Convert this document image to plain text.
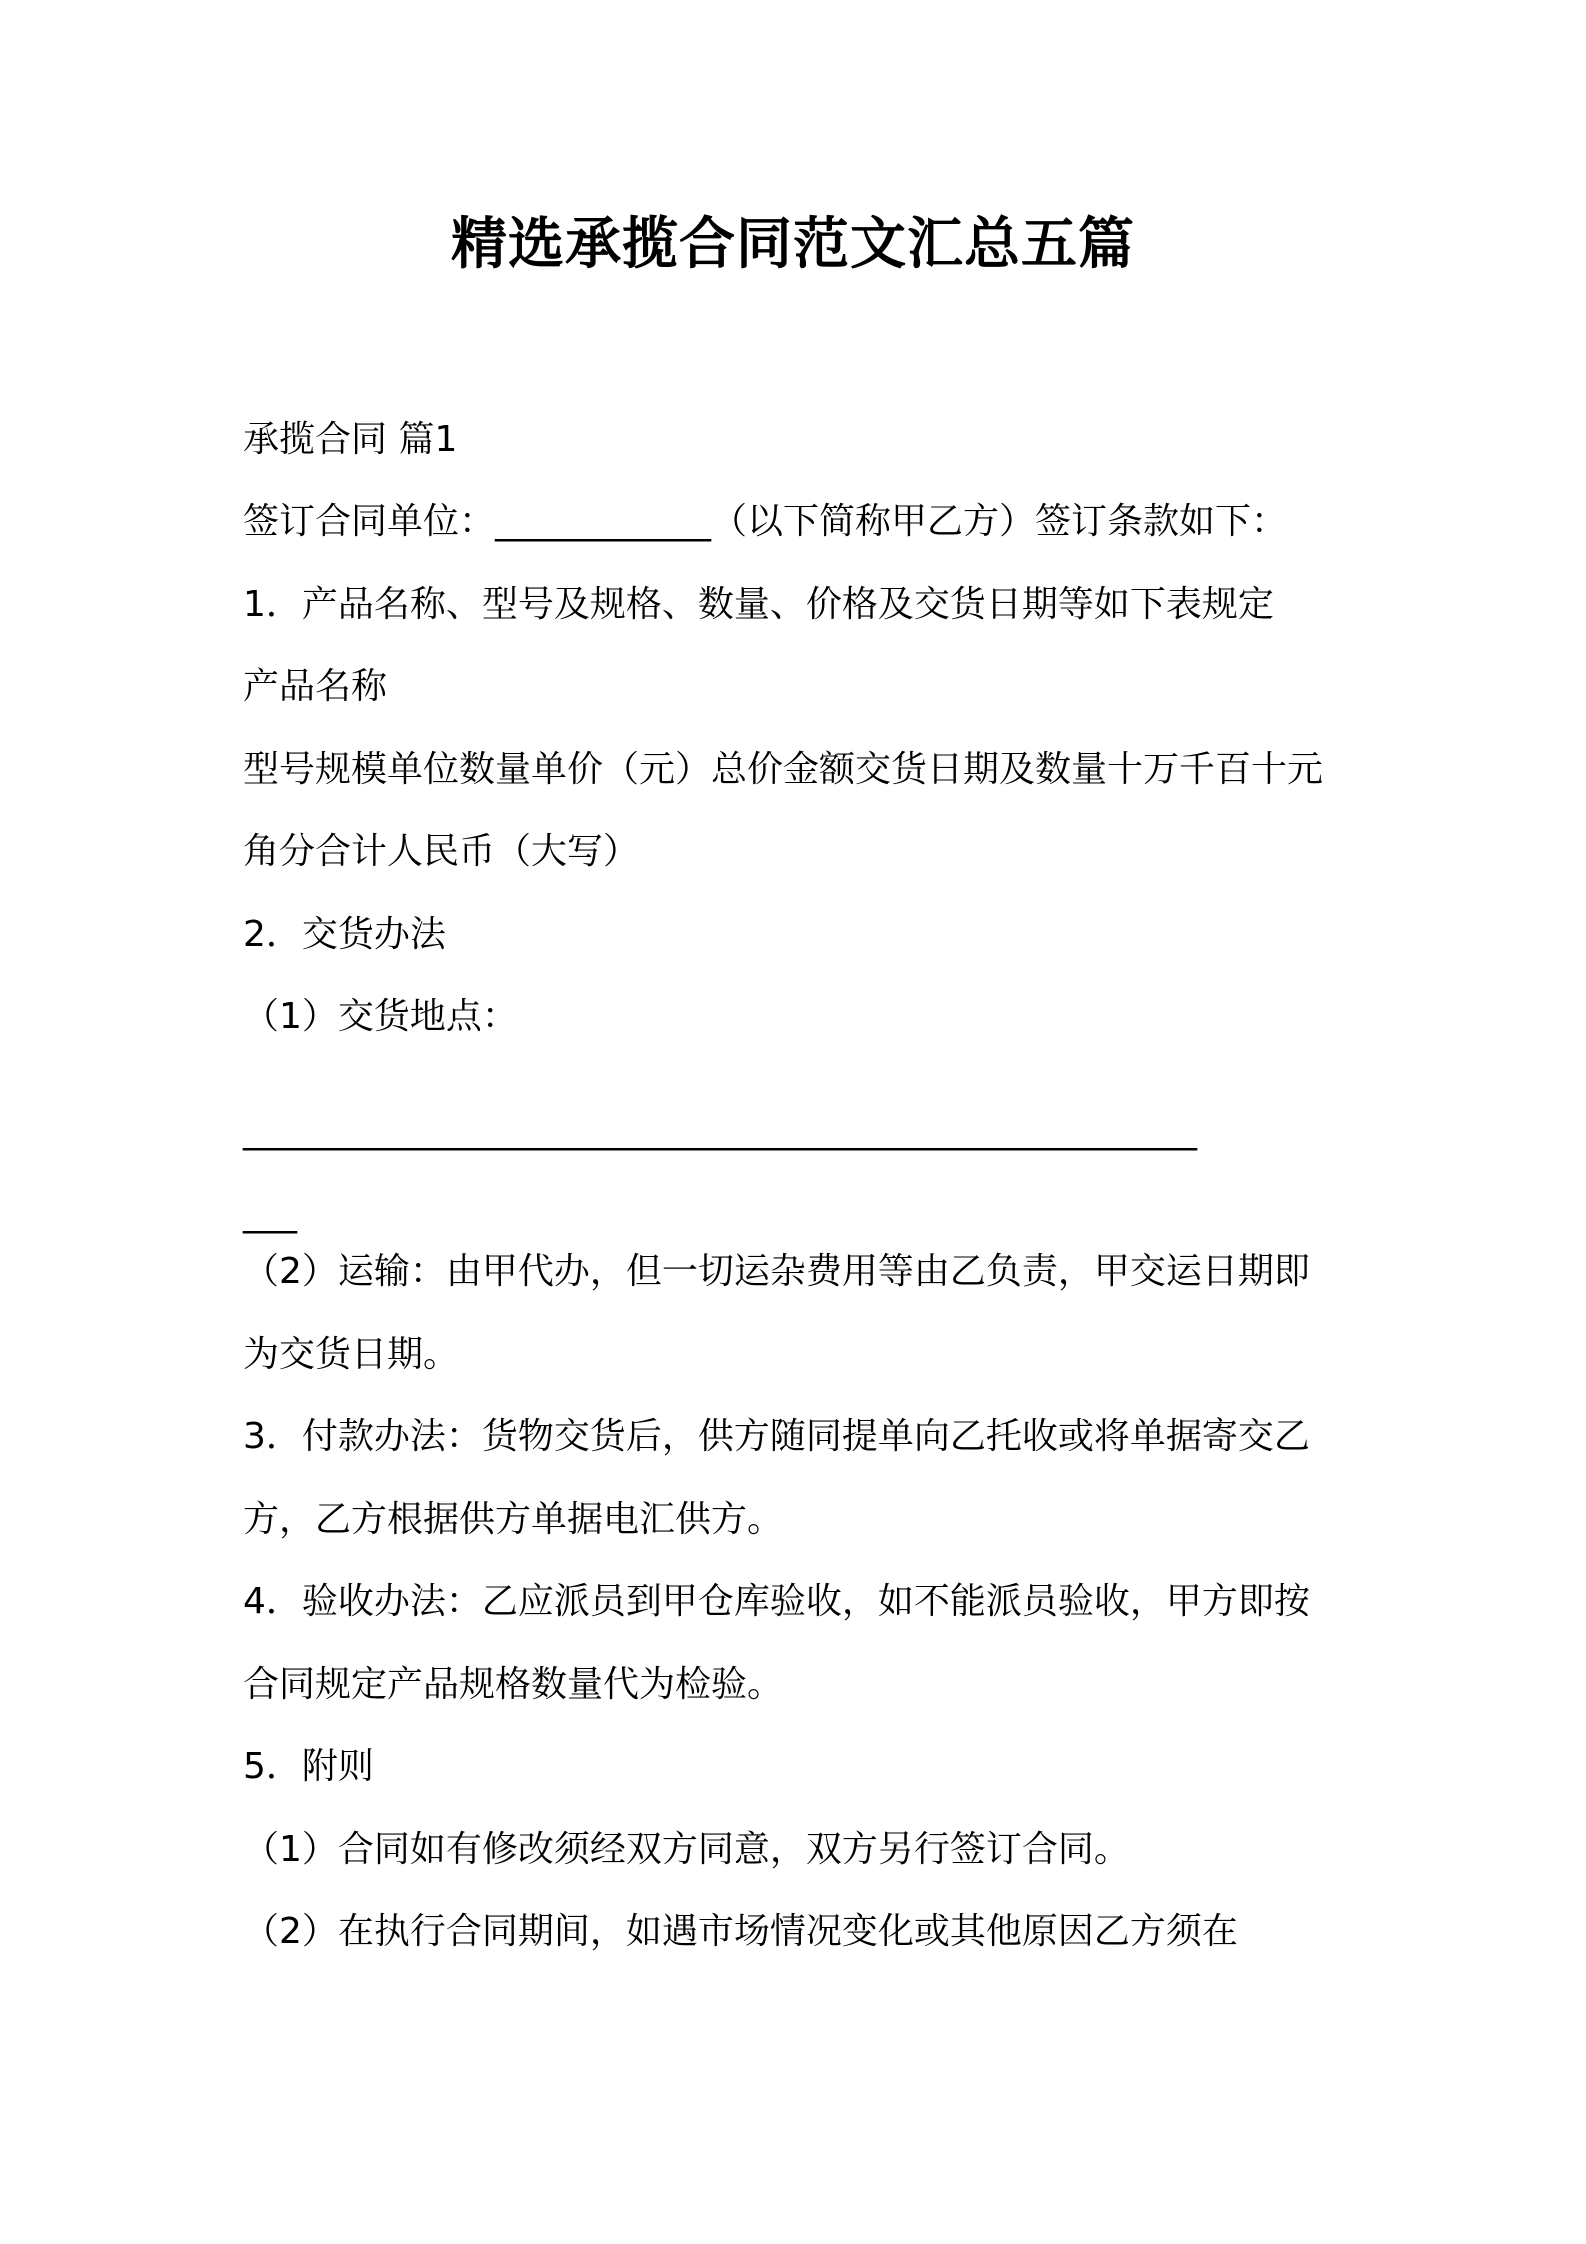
精选承揽合同范文汇总五篇
承揽合同 篇1
签订合同单位：____________（以下简称甲乙方）签订条款如下：
1．产品名称、型号及规格、数量、价格及交货日期等如下表规定
产品名称
型号规模单位数量单价（元）总价金额交货日期及数量十万千百十元
角分合计人民币（大写）
2．交货办法
（1）交货地点：
_____________________________________________________
___
（2）运输：由甲代办，但一切运杂费用等由乙负责，甲交运日期即
为交货日期。
3．付款办法：货物交货后，供方随同提单向乙托收或将单据寄交乙
方，乙方根据供方单据电汇供方。
4．验收办法：乙应派员到甲仓库验收，如不能派员验收，甲方即按
合同规定产品规格数量代为检验。
5．附则
（1）合同如有修改须经双方同意，双方另行签订合同。
（2）在执行合同期间，如遇市场情况变化或其他原因乙方须在
